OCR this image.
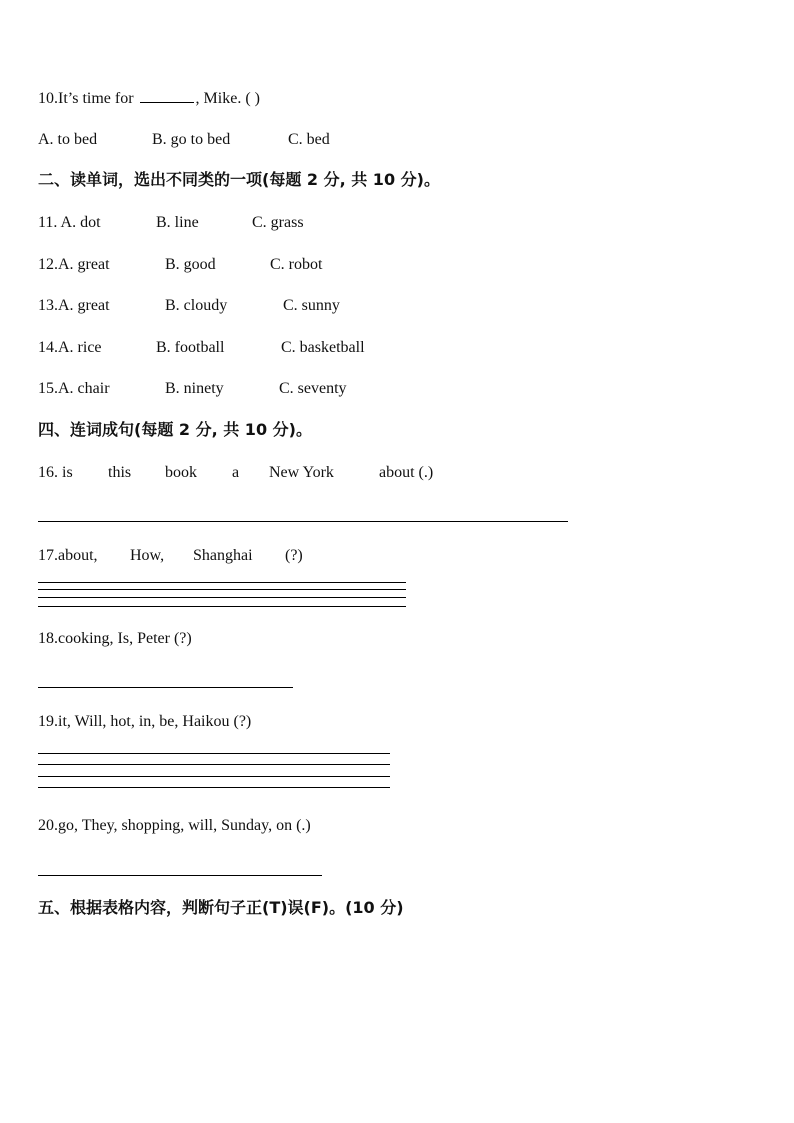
10.It’s time for	, Mike. ( )
A. to bed	B. go to bed	C. bed
二、读单词，选出不同类的一项(每题 2 分, 共 10 分)。
11. A. dot	B. line	C. grass
12.A. great	B. good	C. robot
13.A. great	B. cloudy	C. sunny
14.A. rice	B. football	C. basketball
15.A. chair	B. ninety	C. seventy
四、连词成句(每题 2 分, 共 10 分)。
16. is this book a New York	about (.)
17.about, How, Shanghai (?)
18.cooking, Is, Peter (?)
19.it, Will, hot, in, be, Haikou (?)
20.go, They, shopping, will, Sunday, on (.)
五、根据表格内容，判断句子正(T)误(F)。(10 分)
